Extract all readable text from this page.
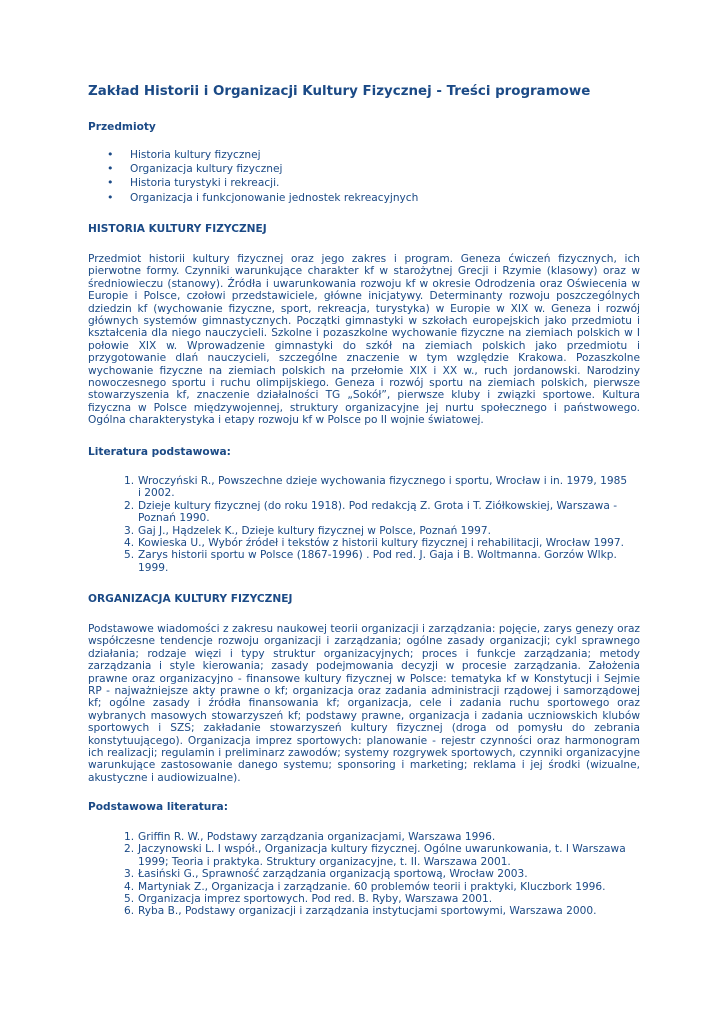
Zakład Historii i Organizacji Kultury Fizycznej - Treści programowe
Przedmioty
• Historia kultury fizycznej
• Organizacja kultury fizycznej
• Historia turystyki i rekreacji.
• Organizacja i funkcjonowanie jednostek rekreacyjnych
HISTORIA KULTURY FIZYCZNEJ

Przedmiot historii kultury fizycznej oraz jego zakres i program. Geneza ćwiczeń fizycznych, ich pierwotne formy. Czynniki warunkujące charakter kf w starożytnej Grecji i Rzymie (klasowy) oraz w średniowieczu (stanowy). Źródła i uwarunkowania rozwoju kf w okresie Odrodzenia oraz Oświecenia w Europie i Polsce, czołowi przedstawiciele, główne inicjatywy. Determinanty rozwoju poszczególnych dziedzin kf (wychowanie fizyczne, sport, rekreacja, turystyka) w Europie w XIX w. Geneza i rozwój głównych systemów gimnastycznych. Początki gimnastyki w szkołach europejskich jako przedmiotu i kształcenia dla niego nauczycieli. Szkolne i pozaszkolne wychowanie fizyczne na ziemiach polskich w I połowie XIX w. Wprowadzenie gimnastyki do szkół na ziemiach polskich jako przedmiotu i przygotowanie dlań nauczycieli, szczególne znaczenie w tym względzie Krakowa. Pozaszkolne wychowanie fizyczne na ziemiach polskich na przełomie XIX i XX w., ruch jordanowski. Narodziny nowoczesnego sportu i ruchu olimpijskiego. Geneza i rozwój sportu na ziemiach polskich, pierwsze stowarzyszenia kf, znaczenie działalności TG „Sokół”, pierwsze kluby i związki sportowe. Kultura fizyczna w Polsce międzywojennej, struktury organizacyjne jej nurtu społecznego i państwowego. Ogólna charakterystyka i etapy rozwoju kf w Polsce po II wojnie światowej.

Literatura podstawowa:
1. Wroczyński R., Powszechne dzieje wychowania fizycznego i sportu, Wrocław i in. 1979, 1985 i 2002.
2. Dzieje kultury fizycznej (do roku 1918). Pod redakcją Z. Grota i T. Ziółkowskiej, Warszawa - Poznań 1990.
3. Gaj J., Hądzelek K., Dzieje kultury fizycznej w Polsce, Poznań 1997.
4. Kowieska U., Wybór źródeł i tekstów z historii kultury fizycznej i rehabilitacji, Wrocław 1997.
5. Zarys historii sportu w Polsce (1867-1996) . Pod red. J. Gaja i B. Woltmanna. Gorzów Wlkp. 1999.
ORGANIZACJA KULTURY FIZYCZNEJ

Podstawowe wiadomości z zakresu naukowej teorii organizacji i zarządzania: pojęcie, zarys genezy oraz współczesne tendencje rozwoju organizacji i zarządzania; ogólne zasady organizacji; cykl sprawnego działania; rodzaje więzi i typy struktur organizacyjnych; proces i funkcje zarządzania; metody zarządzania i style kierowania; zasady podejmowania decyzji w procesie zarządzania. Założenia prawne oraz organizacyjno - finansowe kultury fizycznej w Polsce: tematyka kf w Konstytucji i Sejmie RP - najważniejsze akty prawne o kf; organizacja oraz zadania administracji rządowej i samorządowej kf; ogólne zasady i źródła finansowania kf; organizacja, cele i zadania ruchu sportowego oraz wybranych masowych stowarzyszeń kf; podstawy prawne, organizacja i zadania uczniowskich klubów sportowych i SZS; zakładanie stowarzyszeń kultury fizycznej (droga od pomysłu do zebrania konstytuującego). Organizacja imprez sportowych: planowanie - rejestr czynności oraz harmonogram ich realizacji; regulamin i preliminarz zawodów; systemy rozgrywek sportowych, czynniki organizacyjne warunkujące zastosowanie danego systemu; sponsoring i marketing; reklama i jej środki (wizualne, akustyczne i audiowizualne).

Podstawowa literatura:
1. Griffin R. W., Podstawy zarządzania organizacjami, Warszawa 1996.
2. Jaczynowski L. I współ., Organizacja kultury fizycznej. Ogólne uwarunkowania, t. I Warszawa 1999; Teoria i praktyka. Struktury organizacyjne, t. II. Warszawa 2001.
3. Łasiński G., Sprawność zarządzania organizacją sportową, Wrocław 2003.
4. Martyniak Z., Organizacja i zarządzanie. 60 problemów teorii i praktyki, Kluczbork 1996.
5. Organizacja imprez sportowych. Pod red. B. Ryby, Warszawa 2001.
6. Ryba B., Podstawy organizacji i zarządzania instytucjami sportowymi, Warszawa 2000.
